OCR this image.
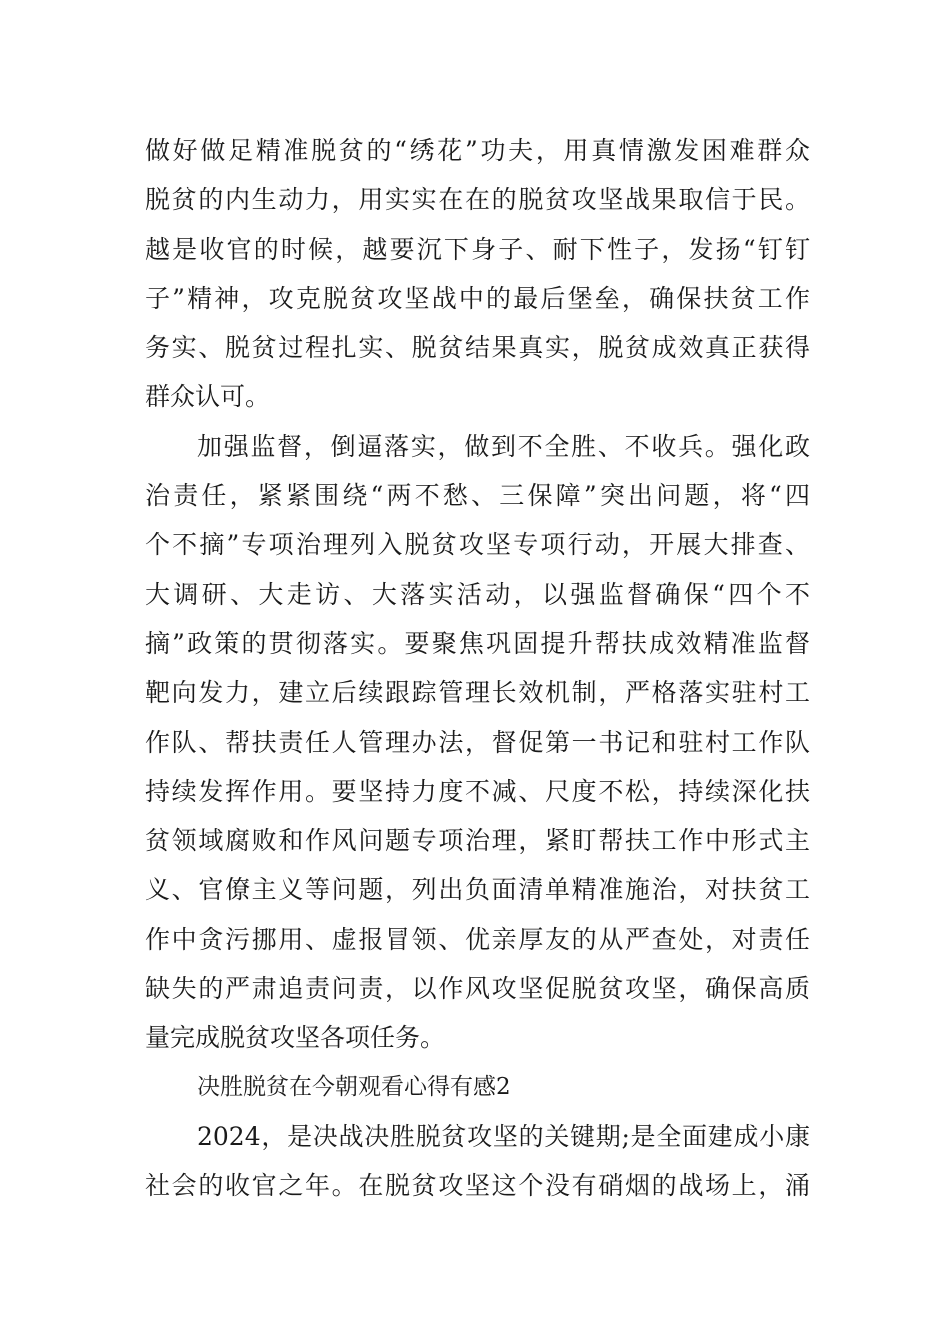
做好做足精准脱贫的“绣花”功夫，用真情激发困难群众
脱贫的内生动力，用实实在在的脱贫攻坚战果取信于民。
越是收官的时候，越要沉下身子、耐下性子，发扬“钉钉
子”精神，攻克脱贫攻坚战中的最后堡垒，确保扶贫工作
务实、脱贫过程扎实、脱贫结果真实，脱贫成效真正获得
群众认可。
加强监督，倒逼落实，做到不全胜、不收兵。强化政
治责任，紧紧围绕“两不愁、三保障”突出问题，将“四
个不摘”专项治理列入脱贫攻坚专项行动，开展大排查、
大调研、大走访、大落实活动，以强监督确保“四个不
摘”政策的贯彻落实。要聚焦巩固提升帮扶成效精准监督
靶向发力，建立后续跟踪管理长效机制，严格落实驻村工
作队、帮扶责任人管理办法，督促第一书记和驻村工作队
持续发挥作用。要坚持力度不减、尺度不松，持续深化扶
贫领域腐败和作风问题专项治理，紧盯帮扶工作中形式主
义、官僚主义等问题，列出负面清单精准施治，对扶贫工
作中贪污挪用、虚报冒领、优亲厚友的从严查处，对责任
缺失的严肃追责问责，以作风攻坚促脱贫攻坚，确保高质
量完成脱贫攻坚各项任务。
决胜脱贫在今朝观看心得有感2
2024，是决战决胜脱贫攻坚的关键期;是全面建成小康
社会的收官之年。在脱贫攻坚这个没有硝烟的战场上，涌
